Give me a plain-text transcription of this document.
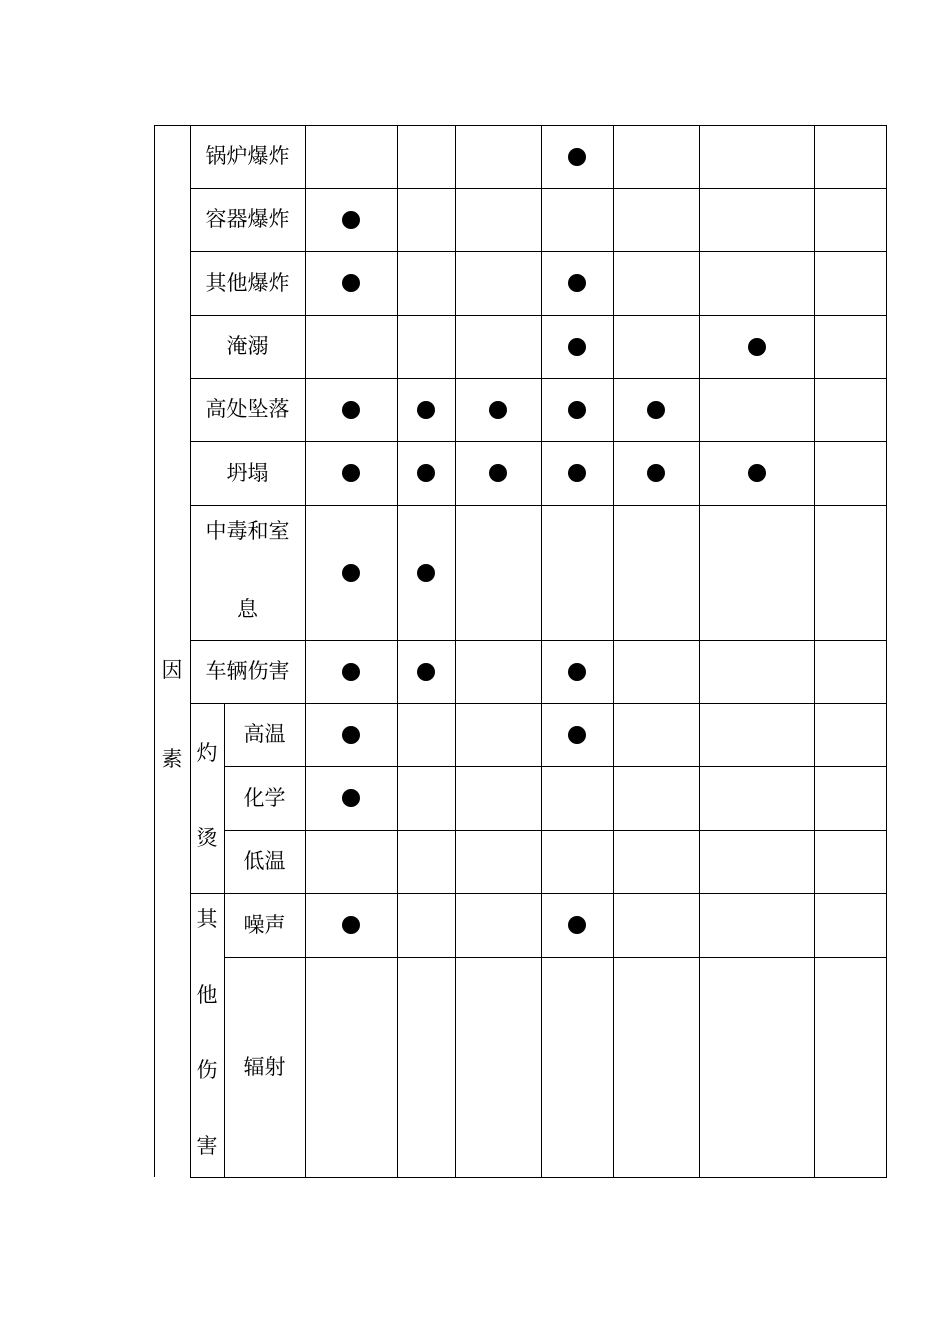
因
素
锅炉爆炸
容器爆炸
其他爆炸
淹溺
高处坠落
坍塌
中毒和室
息
车辆伤害
灼
烫
高温
化学
低温
其
他
伤
害
噪声
辐射
